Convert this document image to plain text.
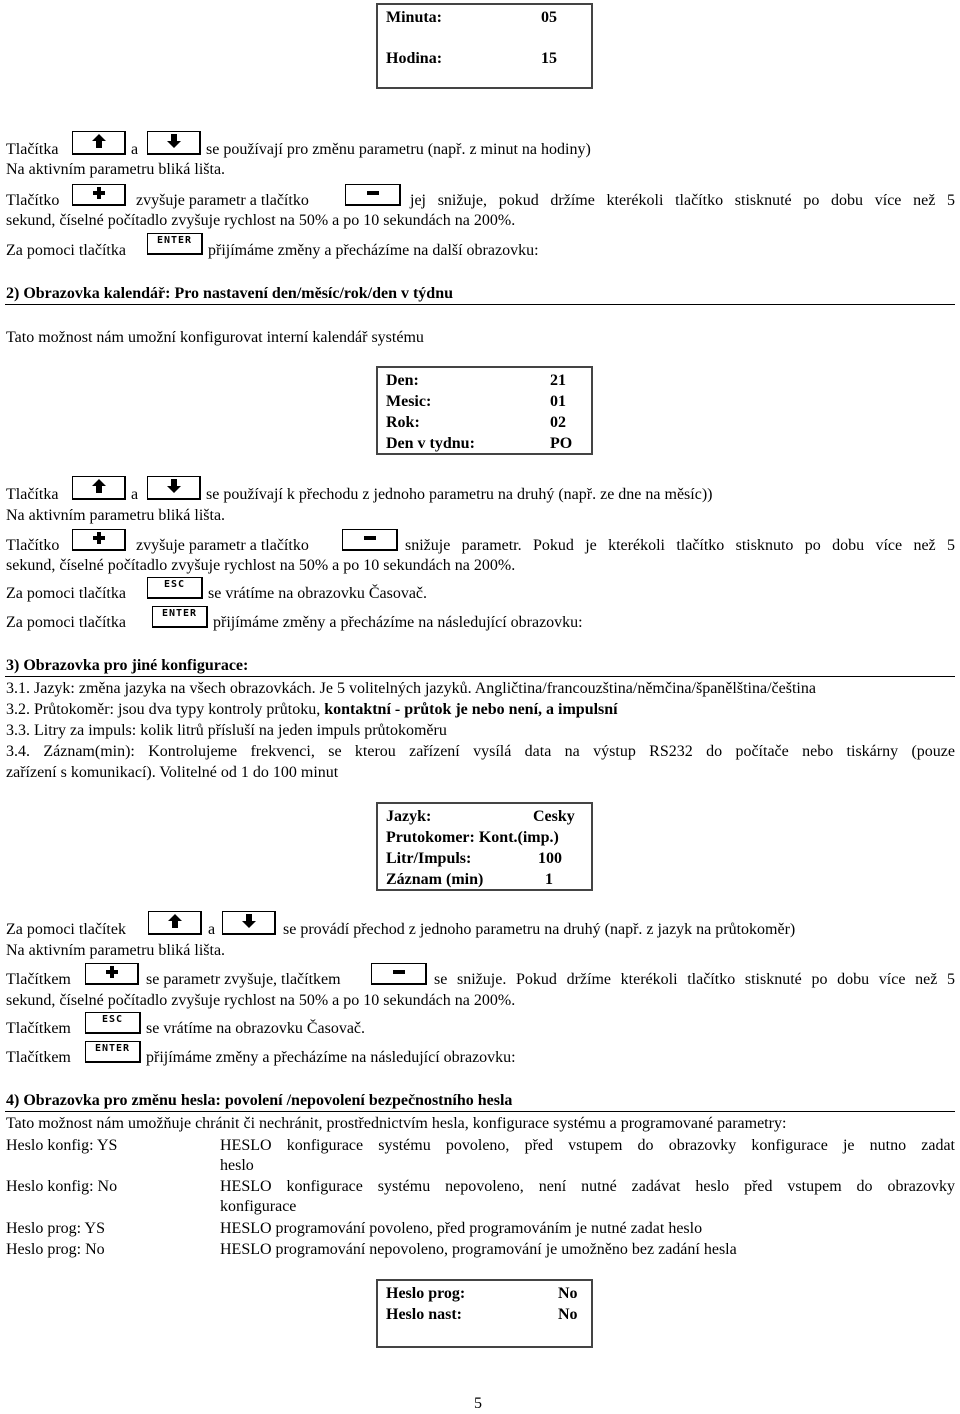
Minuta:	05
Hodina:	15
Tlačítka	a	se používají pro změnu parametru (např. z minut na hodiny)
Na aktivním parametru bliká lišta.
Tlačítko	zvyšuje parametr a tlačítko	jej snižuje, pokud držíme kterékoli tlačítko stisknuté po dobu více než 5
sekund, číselné počítadlo zvyšuje rychlost na 50% a po 10 sekundách na 200%.
Za pomoci tlačítka
ENTER
přijímáme změny a přecházíme na další obrazovku:
2) Obrazovka kalendář: Pro nastavení den/měsíc/rok/den v týdnu
Tato možnost nám umožní konfigurovat interní kalendář systému
Den:	21
Mesic:	01
Rok:	02
Den v tydnu:	PO
Tlačítka	a	se používají k přechodu z jednoho parametru na druhý (např. ze dne na měsíc))
Na aktivním parametru bliká lišta.
Tlačítko	zvyšuje parametr a tlačítko	snižuje parametr. Pokud je kterékoli tlačítko stisknuto po dobu více než 5
sekund, číselné počítadlo zvyšuje rychlost na 50% a po 10 sekundách na 200%.
Za pomoci tlačítka
ESC
se vrátíme na obrazovku Časovač.
Za pomoci tlačítka
ENTER
přijímáme změny a přecházíme na následující obrazovku:
3) Obrazovka pro jiné konfigurace:
3.1. Jazyk: změna jazyka na všech obrazovkách. Je 5 volitelných jazyků. Angličtina/francouzština/němčina/španělština/čeština
3.2. Průtokoměr: jsou dva typy kontroly průtoku, kontaktní - průtok je nebo není, a impulsní
3.3. Litry za impuls: kolik litrů přísluší na jeden impuls průtokoměru
3.4. Záznam(min): Kontrolujeme frekvenci, se kterou zařízení vysílá data na výstup RS232 do počítače nebo tiskárny (pouze
zařízení s komunikací). Volitelné od 1 do 100 minut
Jazyk:	Cesky
Prutokomer: Kont.(imp.)
Litr/Impuls:	100
Záznam (min)	1
Za pomoci tlačítek	a	se provádí přechod z jednoho parametru na druhý (např. z jazyk na průtokoměr)
Na aktivním parametru bliká lišta.
Tlačítkem	se parametr zvyšuje, tlačítkem	se snižuje. Pokud držíme kterékoli tlačítko stisknuté po dobu více než 5
sekund, číselné počítadlo zvyšuje rychlost na 50% a po 10 sekundách na 200%.
Tlačítkem
ESC
se vrátíme na obrazovku Časovač.
Tlačítkem
ENTER
přijímáme změny a přecházíme na následující obrazovku:
4) Obrazovka pro změnu hesla: povolení /nepovolení bezpečnostního hesla
Tato možnost nám umožňuje chránit či nechránit, prostřednictvím hesla, konfigurace systému a programované parametry:
Heslo konfig: YS	HESLO konfigurace systému povoleno, před vstupem do obrazovky konfigurace je nutno zadat
heslo
Heslo konfig: No	HESLO konfigurace systému nepovoleno, není nutné zadávat heslo před vstupem do obrazovky
konfigurace
Heslo prog: YS	HESLO programování povoleno, před programováním je nutné zadat heslo
Heslo prog: No	HESLO programování nepovoleno, programování je umožněno bez zadání hesla
Heslo prog:	No
Heslo nast:	No
5
